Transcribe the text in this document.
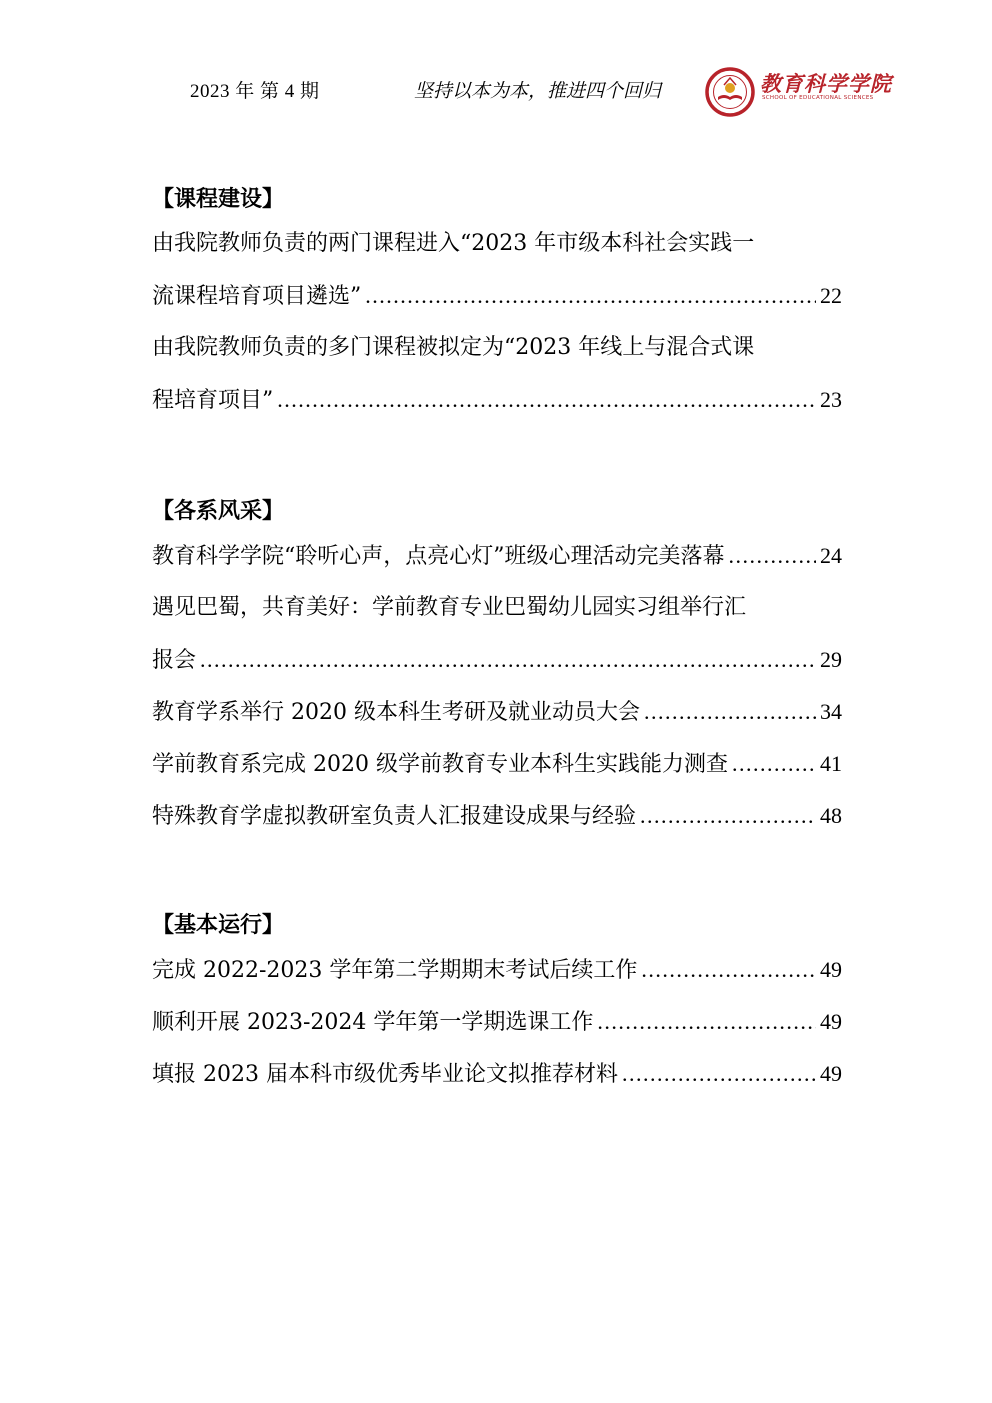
2023 年 第 4 期	坚持以本为本，推进四个回归	教育科学学院
SCHOOL OF EDUCATIONAL SCIENCES
【课程建设】
由我院教师负责的两门课程进入“2023 年市级本科社会实践一
流课程培育项目遴选” .....	22
由我院教师负责的多门课程被拟定为“2023 年线上与混合式课
程培育项目” .....	23
【各系风采】
教育科学学院“聆听心声，点亮心灯”班级心理活动完美落幕 .....	24
遇见巴蜀，共育美好：学前教育专业巴蜀幼儿园实习组举行汇
报会 .....	29
教育学系举行 2020 级本科生考研及就业动员大会 .....	34
学前教育系完成 2020 级学前教育专业本科生实践能力测查 .....	41
特殊教育学虚拟教研室负责人汇报建设成果与经验 .....	48
【基本运行】
完成 2022-2023 学年第二学期期末考试后续工作 .....	49
顺利开展 2023-2024 学年第一学期选课工作 .....	49
填报 2023 届本科市级优秀毕业论文拟推荐材料 .....	49
